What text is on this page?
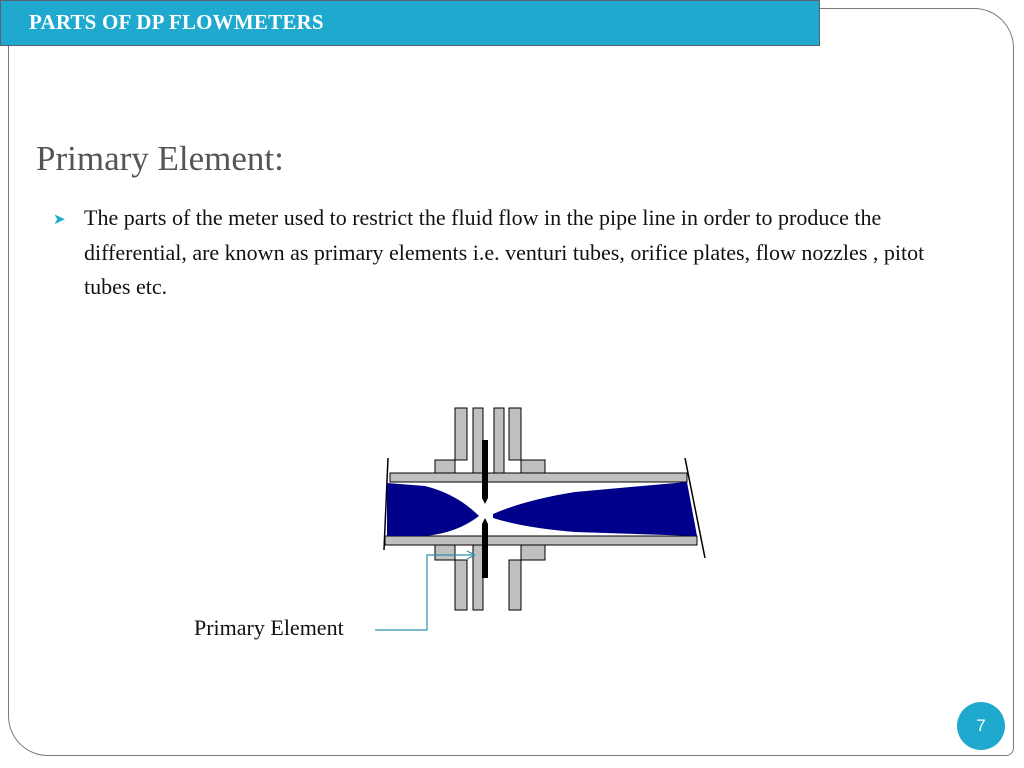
PARTS OF DP FLOWMETERS
Primary Element:
➤ The parts of the meter used to restrict the fluid flow in the pipe line in order to produce the differential, are known as primary elements i.e. venturi tubes, orifice plates, flow nozzles , pitot tubes etc.

Primary Element
7
